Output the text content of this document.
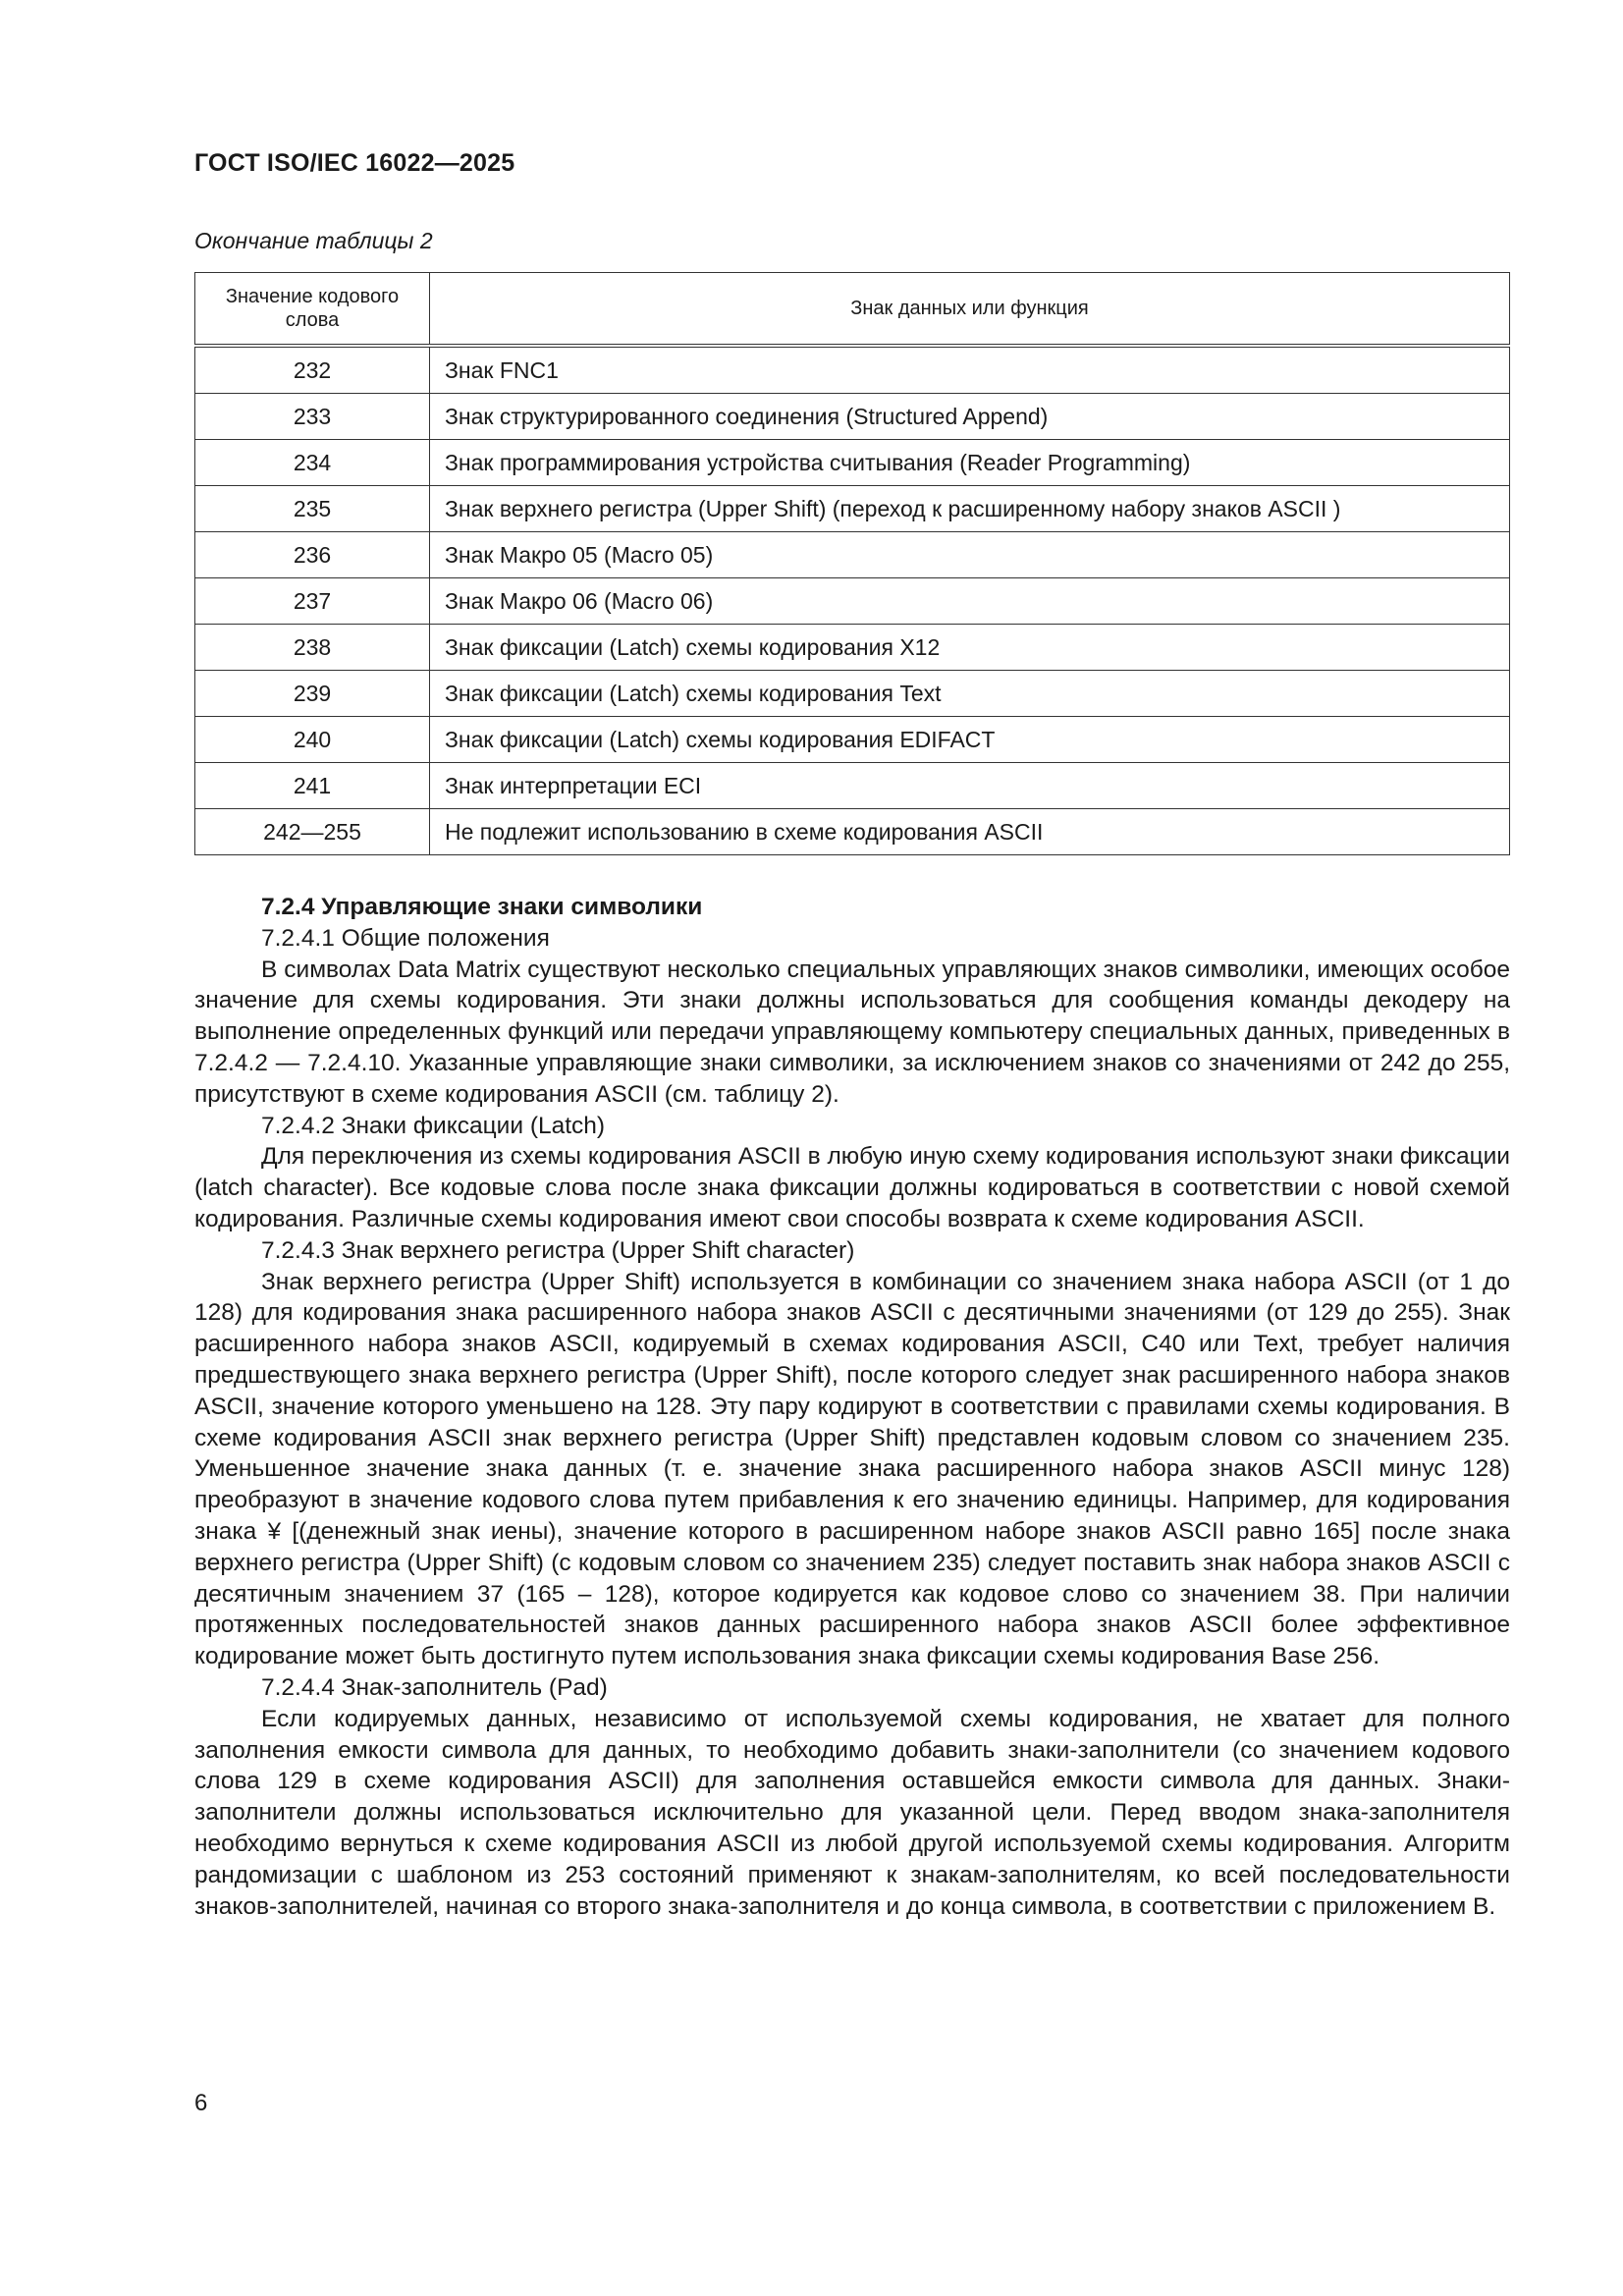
ГОСТ ISO/IEC 16022—2025
Окончание таблицы 2
Значение кодового слова	Знак данных или функция
232	Знак FNC1
233	Знак структурированного соединения (Structured Append)
234	Знак программирования устройства считывания (Reader Programming)
235	Знак верхнего регистра (Upper Shift) (переход к расширенному набору знаков ASCII )
236	Знак Макро 05 (Macro 05)
237	Знак Макро 06 (Macro 06)
238	Знак фиксации (Latch) схемы кодирования X12
239	Знак фиксации (Latch) схемы кодирования Text
240	Знак фиксации (Latch) схемы кодирования EDIFACT
241	Знак интерпретации ECI
242—255	Не подлежит использованию в схеме кодирования ASCII

7.2.4 Управляющие знаки символики

7.2.4.1 Общие положения

В символах Data Matrix существуют несколько специальных управляющих знаков символики, имеющих особое значение для схемы кодирования. Эти знаки должны использоваться для сообщения команды декодеру на выполнение определенных функций или передачи управляющему компьютеру специальных данных, приведенных в 7.2.4.2 — 7.2.4.10. Указанные управляющие знаки символики, за исключением знаков со значениями от 242 до 255, присутствуют в схеме кодирования ASCII (см. таблицу 2).

7.2.4.2 Знаки фиксации (Latch)

Для переключения из схемы кодирования ASCII в любую иную схему кодирования используют знаки фиксации (latch character). Все кодовые слова после знака фиксации должны кодироваться в соответствии с новой схемой кодирования. Различные схемы кодирования имеют свои способы возврата к схеме кодирования ASCII.

7.2.4.3 Знак верхнего регистра (Upper Shift character)

Знак верхнего регистра (Upper Shift) используется в комбинации со значением знака набора ASCII (от 1 до 128) для кодирования знака расширенного набора знаков ASCII с десятичными значениями (от 129 до 255). Знак расширенного набора знаков ASCII, кодируемый в схемах кодирования ASCII, C40 или Text, требует наличия предшествующего знака верхнего регистра (Upper Shift), после которого следует знак расширенного набора знаков ASCII, значение которого уменьшено на 128. Эту пару кодируют в соответствии с правилами схемы кодирования. В схеме кодирования ASCII знак верхнего регистра (Upper Shift) представлен кодовым словом со значением 235. Уменьшенное значение знака данных (т. е. значение знака расширенного набора знаков ASCII минус 128) преобразуют в значение кодового слова путем прибавления к его значению единицы. Например, для кодирования знака ¥ [(денежный знак иены), значение которого в расширенном наборе знаков ASCII равно 165] после знака верхнего регистра (Upper Shift) (с кодовым словом со значением 235) следует поставить знак набора знаков ASCII с десятичным значением 37 (165 – 128), которое кодируется как кодовое слово со значением 38. При наличии протяженных последовательностей знаков данных расширенного набора знаков ASCII более эффективное кодирование может быть достигнуто путем использования знака фиксации схемы кодирования Base 256.

7.2.4.4 Знак-заполнитель (Pad)

Если кодируемых данных, независимо от используемой схемы кодирования, не хватает для полного заполнения емкости символа для данных, то необходимо добавить знаки-заполнители (со значением кодового слова 129 в схеме кодирования ASCII) для заполнения оставшейся емкости символа для данных. Знаки-заполнители должны использоваться исключительно для указанной цели. Перед вводом знака-заполнителя необходимо вернуться к схеме кодирования ASCII из любой другой используемой схемы кодирования. Алгоритм рандомизации с шаблоном из 253 состояний применяют к знакам-заполнителям, ко всей последовательности знаков-заполнителей, начиная со второго знака-заполнителя и до конца символа, в соответствии с приложением В.

6
